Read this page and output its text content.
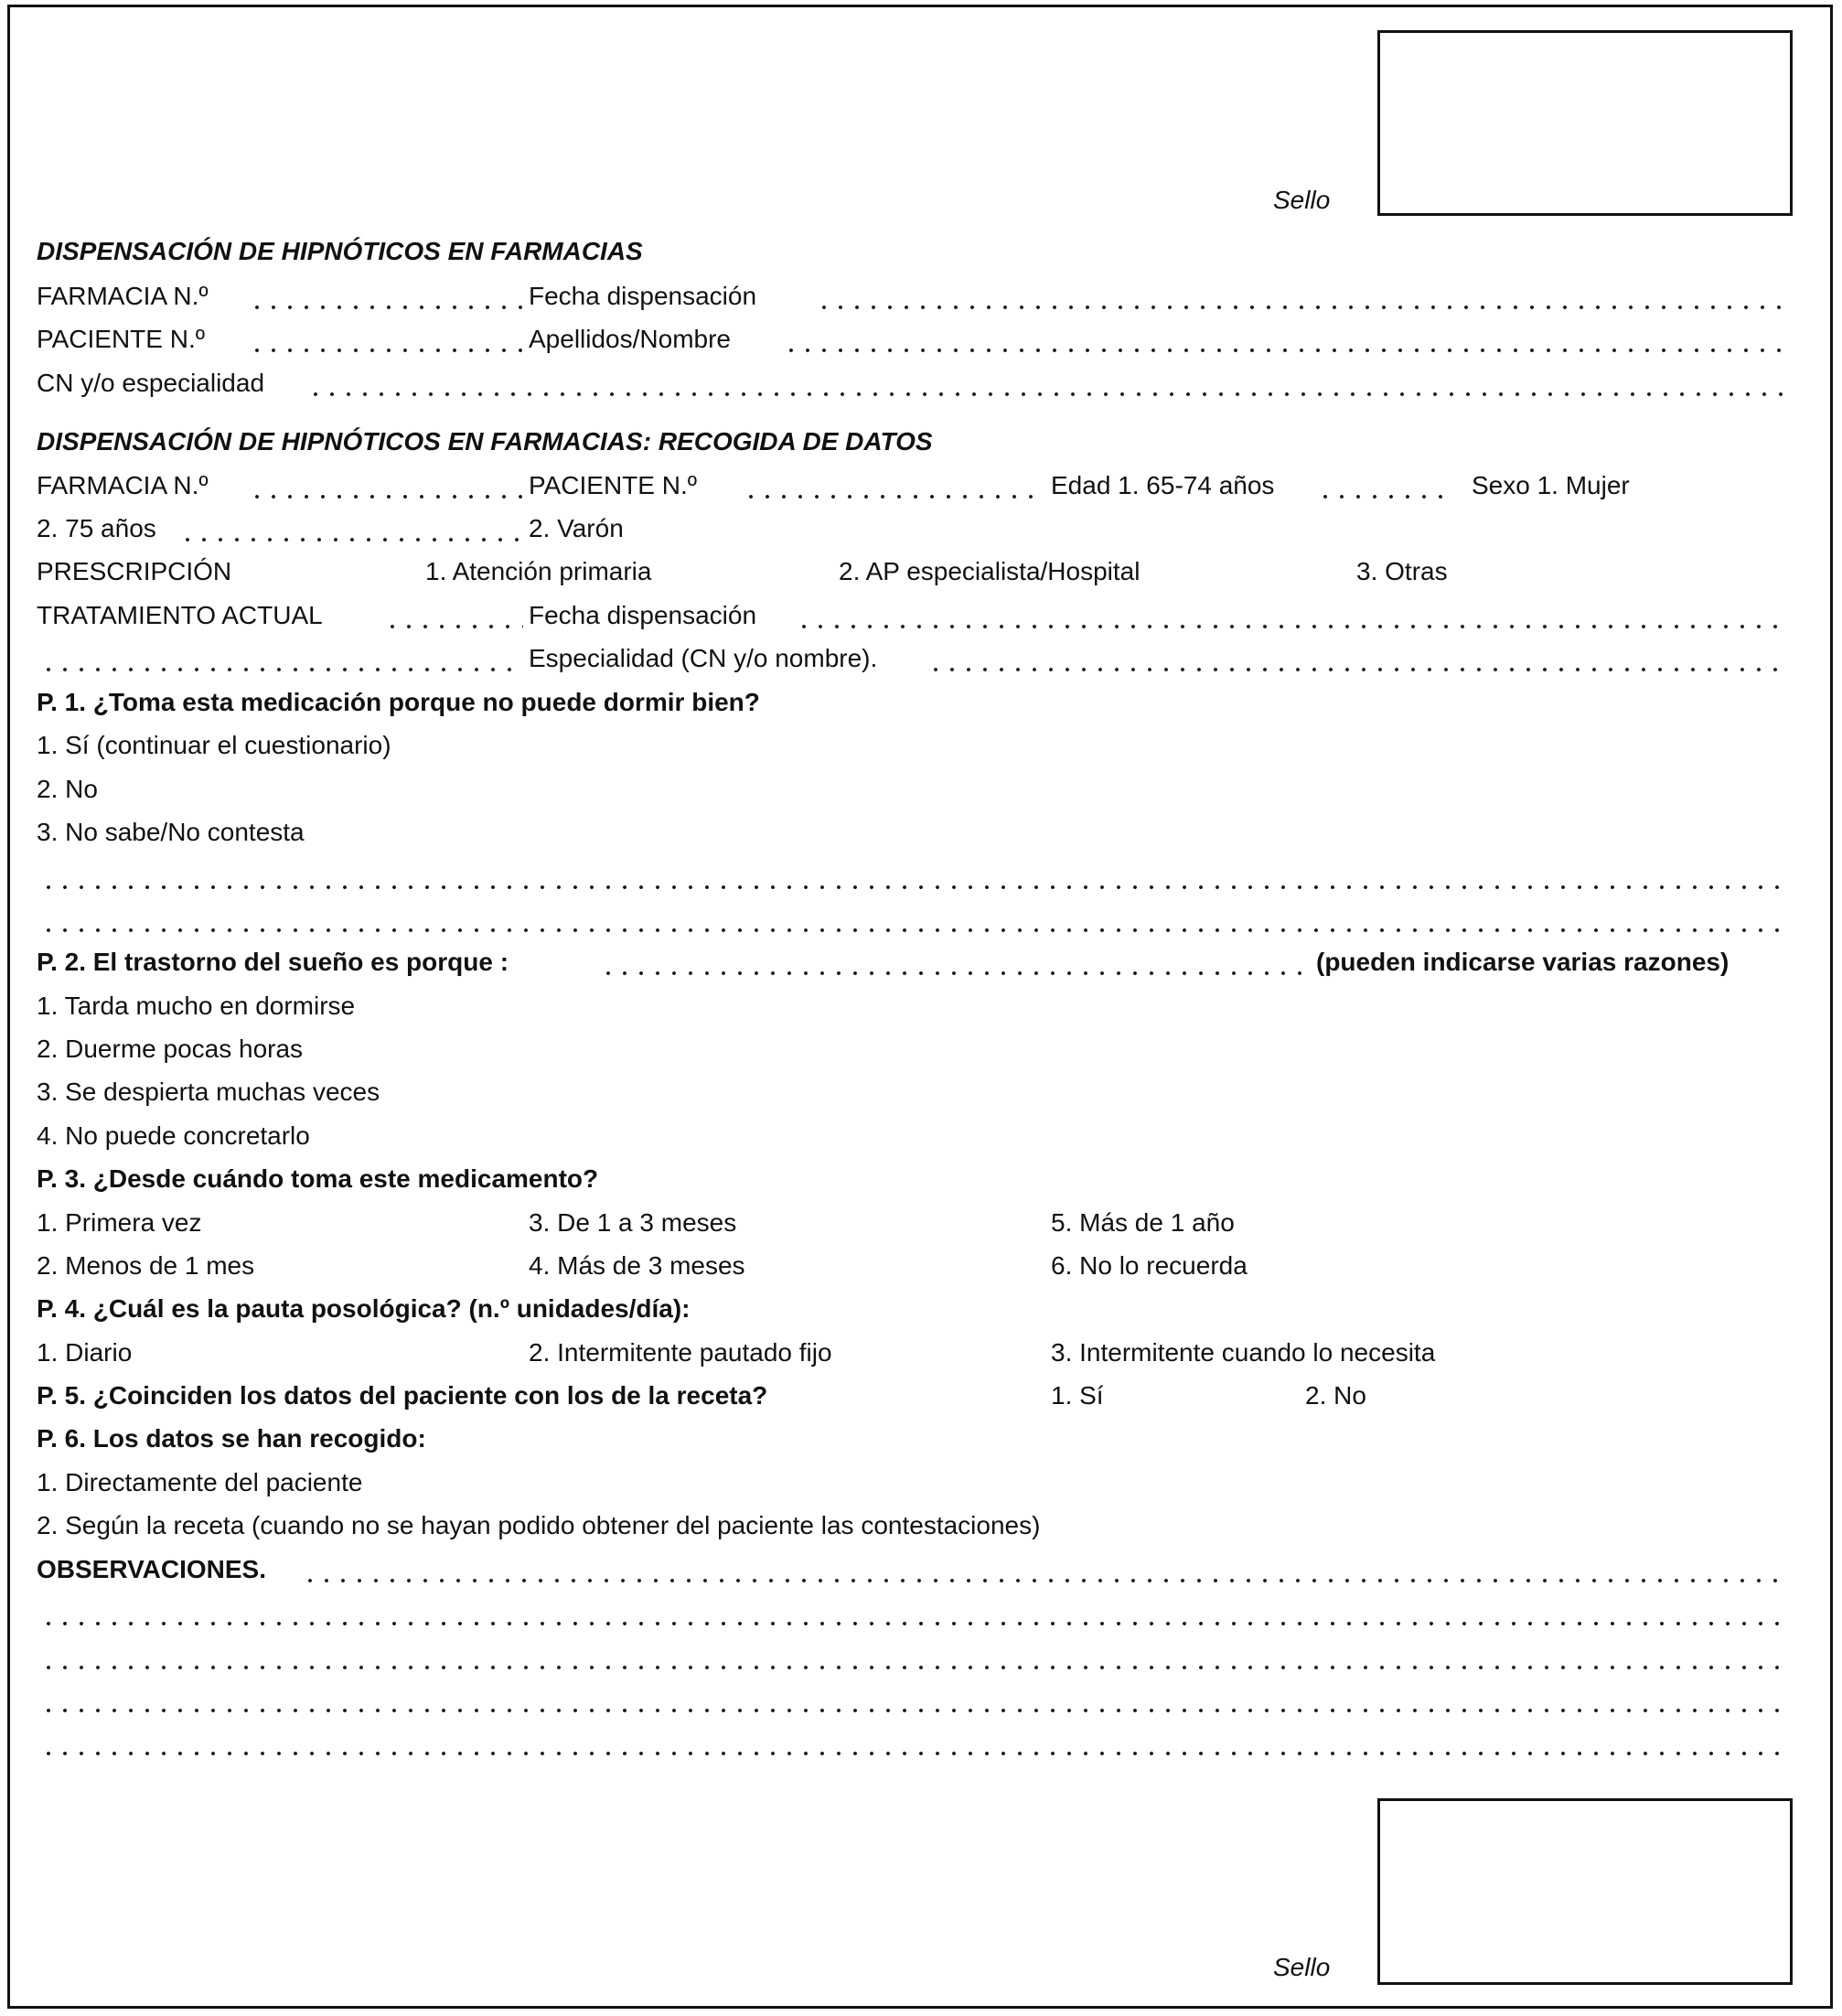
Sello
DISPENSACIÓN DE HIPNÓTICOS EN FARMACIAS
FARMACIA N.º	Fecha dispensación
PACIENTE N.º	Apellidos/Nombre
CN y/o especialidad
DISPENSACIÓN DE HIPNÓTICOS EN FARMACIAS: RECOGIDA DE DATOS
FARMACIA N.º	PACIENTE N.º	Edad 1. 65-74 años	Sexo 1. Mujer
2. 75 años	2. Varón
PRESCRIPCIÓN	1. Atención primaria	2. AP especialista/Hospital	3. Otras
TRATAMIENTO ACTUAL	Fecha dispensación
Especialidad (CN y/o nombre).
P. 1. ¿Toma esta medicación porque no puede dormir bien?
1. Sí (continuar el cuestionario)
2. No
3. No sabe/No contesta
P. 2. El trastorno del sueño es porque :	(pueden indicarse varias razones)
1. Tarda mucho en dormirse
2. Duerme pocas horas
3. Se despierta muchas veces
4. No puede concretarlo
P. 3. ¿Desde cuándo toma este medicamento?
1. Primera vez	3. De 1 a 3 meses	5. Más de 1 año
2. Menos de 1 mes	4. Más de 3 meses	6. No lo recuerda
P. 4. ¿Cuál es la pauta posológica? (n.º unidades/día):
1. Diario	2. Intermitente pautado fijo	3. Intermitente cuando lo necesita
P. 5. ¿Coinciden los datos del paciente con los de la receta?	1. Sí	2. No
P. 6. Los datos se han recogido:
1. Directamente del paciente
2. Según la receta (cuando no se hayan podido obtener del paciente las contestaciones)
OBSERVACIONES.
Sello
